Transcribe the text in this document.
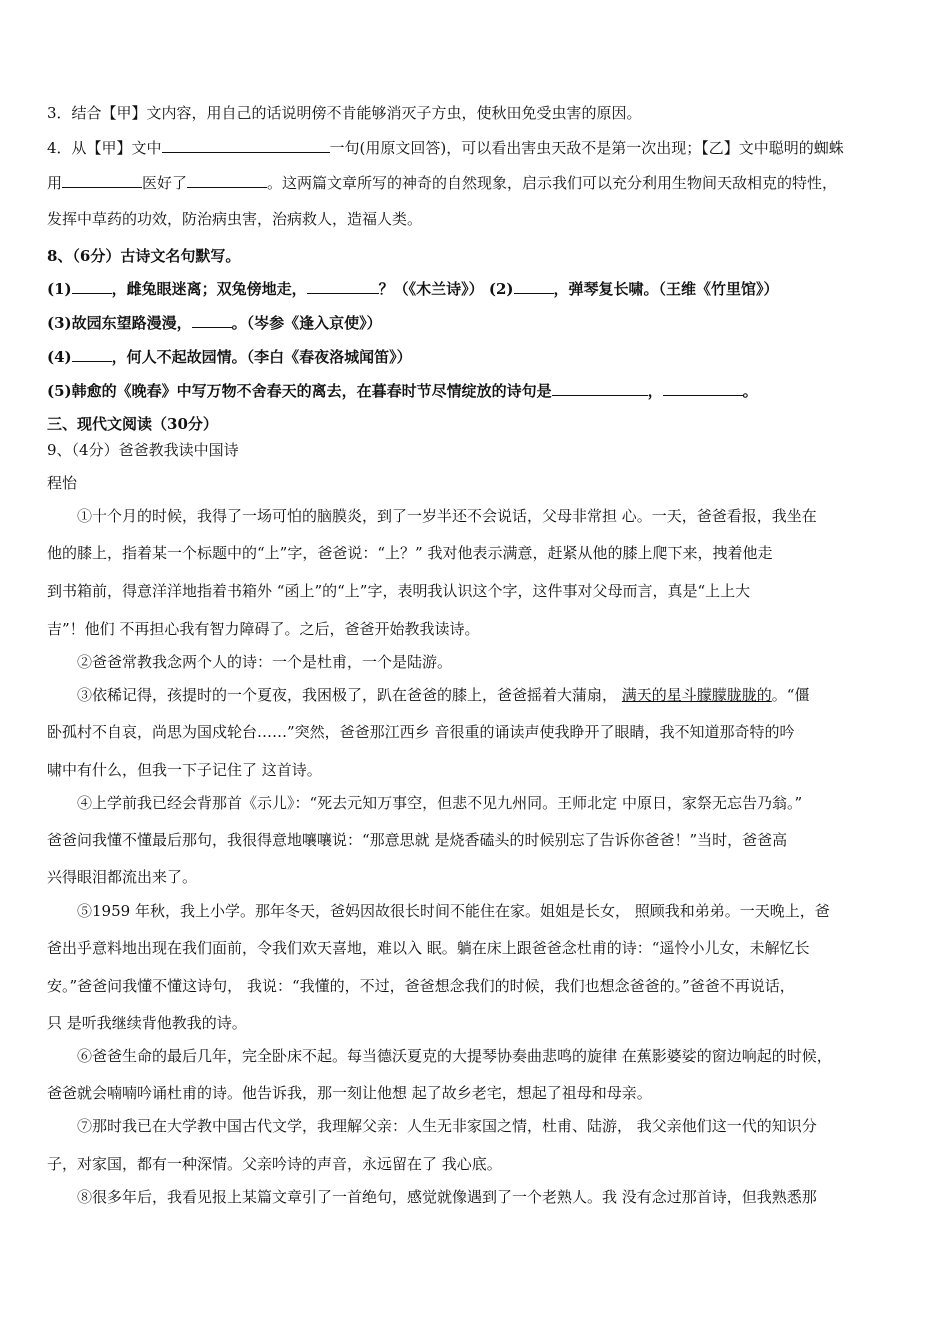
3．结合【甲】文内容，用自己的话说明傍不肯能够消灭子方虫，使秋田免受虫害的原因。
4．从【甲】文中	一句(用原文回答)，可以看出害虫天敌不是第一次出现；【乙】文中聪明的蜘蛛
用	医好了	。这两篇文章所写的神奇的自然现象，启示我们可以充分利用生物间天敌相克的特性，
发挥中草药的功效，防治病虫害，治病救人，造福人类。
8、（6分）古诗文名句默写。
(1)	，雌兔眼迷离；双兔傍地走，	？（《木兰诗》） (2)	，弹琴复长啸。（王维《竹里馆》）
(3)故园东望路漫漫，	。（岑参《逢入京使》）
(4)	，何人不起故园情。（李白《春夜洛城闻笛》）
(5)韩愈的《晚春》中写万物不舍春天的离去，在暮春时节尽情绽放的诗句是	，	。
三、现代文阅读（30分）
9、（4分）爸爸教我读中国诗
程怡
①十个月的时候，我得了一场可怕的脑膜炎，到了一岁半还不会说话，父母非常担 心。一天，爸爸看报，我坐在
他的膝上，指着某一个标题中的“上”字，爸爸说：“上？” 我对他表示满意，赶紧从他的膝上爬下来，拽着他走
到书箱前，得意洋洋地指着书箱外 “函上”的“上”字，表明我认识这个字，这件事对父母而言，真是“上上大
吉”！他们 不再担心我有智力障碍了。之后，爸爸开始教我读诗。
②爸爸常教我念两个人的诗：一个是杜甫，一个是陆游。
③依稀记得，孩提时的一个夏夜，我困极了，趴在爸爸的膝上，爸爸摇着大蒲扇， 满天的星斗朦朦胧胧的。“僵
卧孤村不自哀，尚思为国戍轮台……”突然，爸爸那江西乡 音很重的诵读声使我睁开了眼睛，我不知道那奇特的吟
啸中有什么，但我一下子记住了 这首诗。
④上学前我已经会背那首《示儿》：“死去元知万事空，但悲不见九州同。王师北定 中原日，家祭无忘告乃翁。”
爸爸问我懂不懂最后那句，我很得意地嚷嚷说：“那意思就 是烧香磕头的时候别忘了告诉你爸爸！”当时，爸爸高
兴得眼泪都流出来了。
⑤1959 年秋，我上小学。那年冬天，爸妈因故很长时间不能住在家。姐姐是长女， 照顾我和弟弟。一天晚上，爸
爸出乎意料地出现在我们面前，令我们欢天喜地，难以入 眠。躺在床上跟爸爸念杜甫的诗：“遥怜小儿女，未解忆长
安。”爸爸问我懂不懂这诗句， 我说：“我懂的，不过，爸爸想念我们的时候，我们也想念爸爸的。”爸爸不再说话，
只 是听我继续背他教我的诗。
⑥爸爸生命的最后几年，完全卧床不起。每当德沃夏克的大提琴协奏曲悲鸣的旋律 在蕉影婆娑的窗边响起的时候，
爸爸就会喃喃吟诵杜甫的诗。他告诉我，那一刻让他想 起了故乡老宅，想起了祖母和母亲。
⑦那时我已在大学教中国古代文学，我理解父亲：人生无非家国之情，杜甫、陆游， 我父亲他们这一代的知识分
子，对家国，都有一种深情。父亲吟诗的声音，永远留在了 我心底。
⑧很多年后，我看见报上某篇文章引了一首绝句，感觉就像遇到了一个老熟人。我 没有念过那首诗，但我熟悉那
